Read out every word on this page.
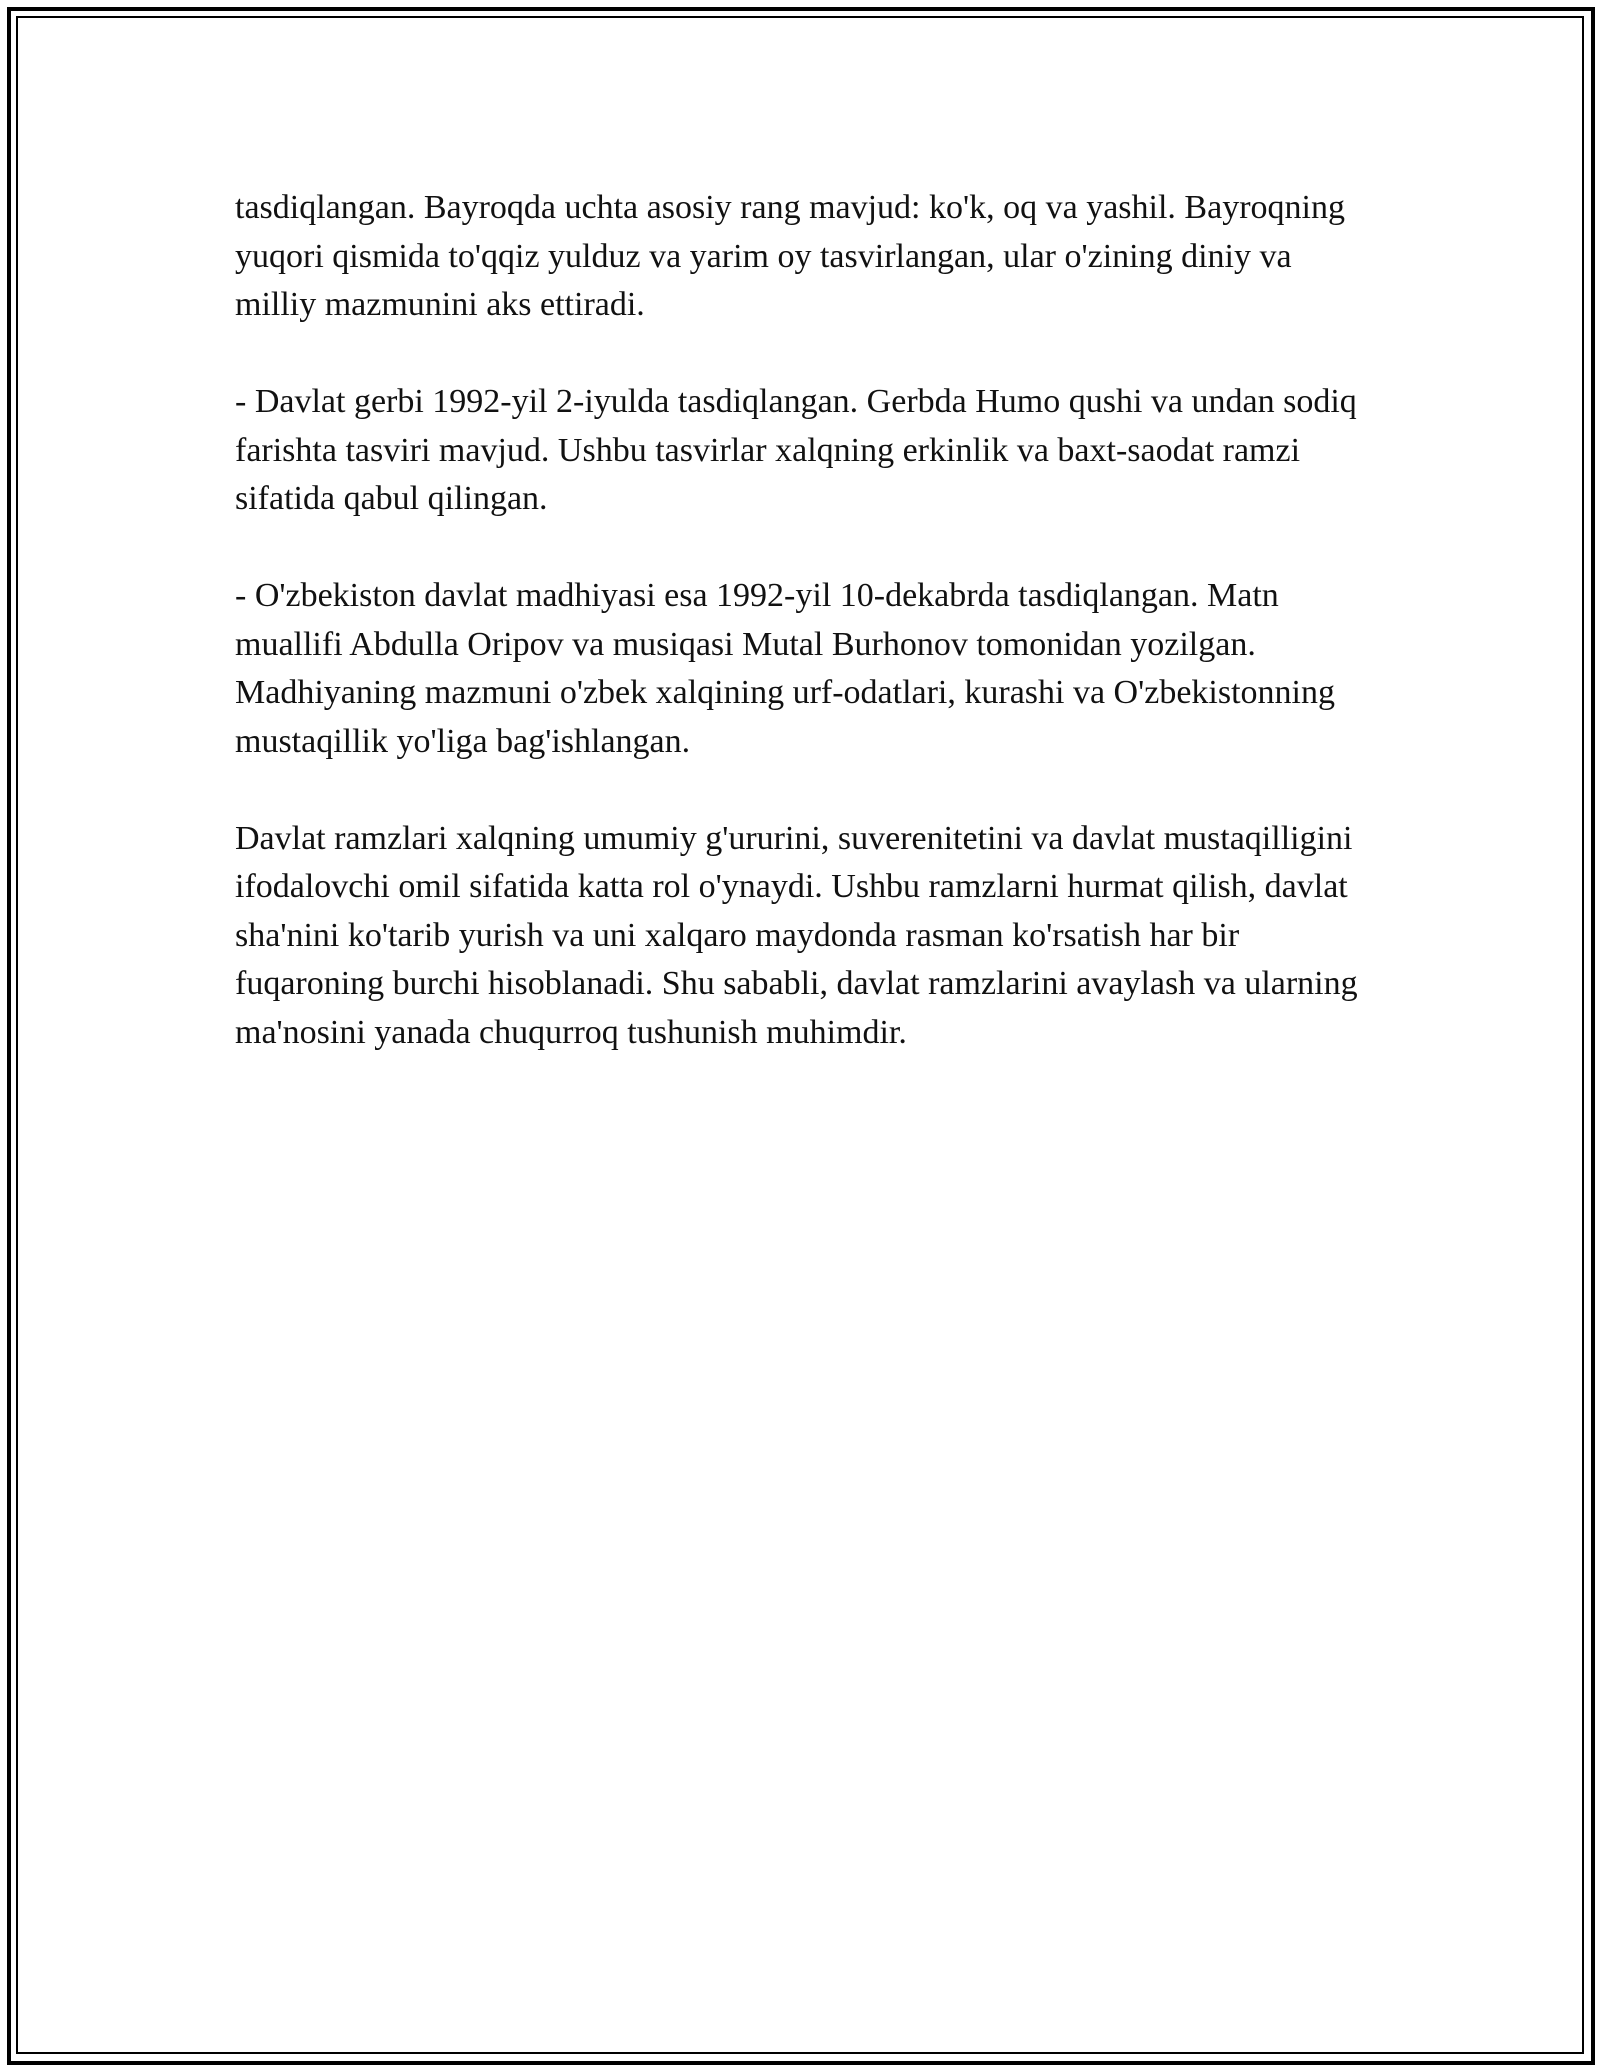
tasdiqlangan. Bayroqda uchta asosiy rang mavjud: ko'k, oq va yashil. Bayroqning yuqori qismida to'qqiz yulduz va yarim oy tasvirlangan, ular o'zining diniy va milliy mazmunini aks ettiradi.

- Davlat gerbi 1992-yil 2-iyulda tasdiqlangan. Gerbda Humo qushi va undan sodiq farishta tasviri mavjud. Ushbu tasvirlar xalqning erkinlik va baxt-saodat ramzi sifatida qabul qilingan.

- O'zbekiston davlat madhiyasi esa 1992-yil 10-dekabrda tasdiqlangan. Matn muallifi Abdulla Oripov va musiqasi Mutal Burhonov tomonidan yozilgan. Madhiyaning mazmuni o'zbek xalqining urf-odatlari, kurashi va O'zbekistonning mustaqillik yo'liga bag'ishlangan.

Davlat ramzlari xalqning umumiy g'ururini, suverenitetini va davlat mustaqilligini ifodalovchi omil sifatida katta rol o'ynaydi. Ushbu ramzlarni hurmat qilish, davlat sha'nini ko'tarib yurish va uni xalqaro maydonda rasman ko'rsatish har bir fuqaroning burchi hisoblanadi. Shu sababli, davlat ramzlarini avaylash va ularning ma'nosini yanada chuqurroq tushunish muhimdir.
